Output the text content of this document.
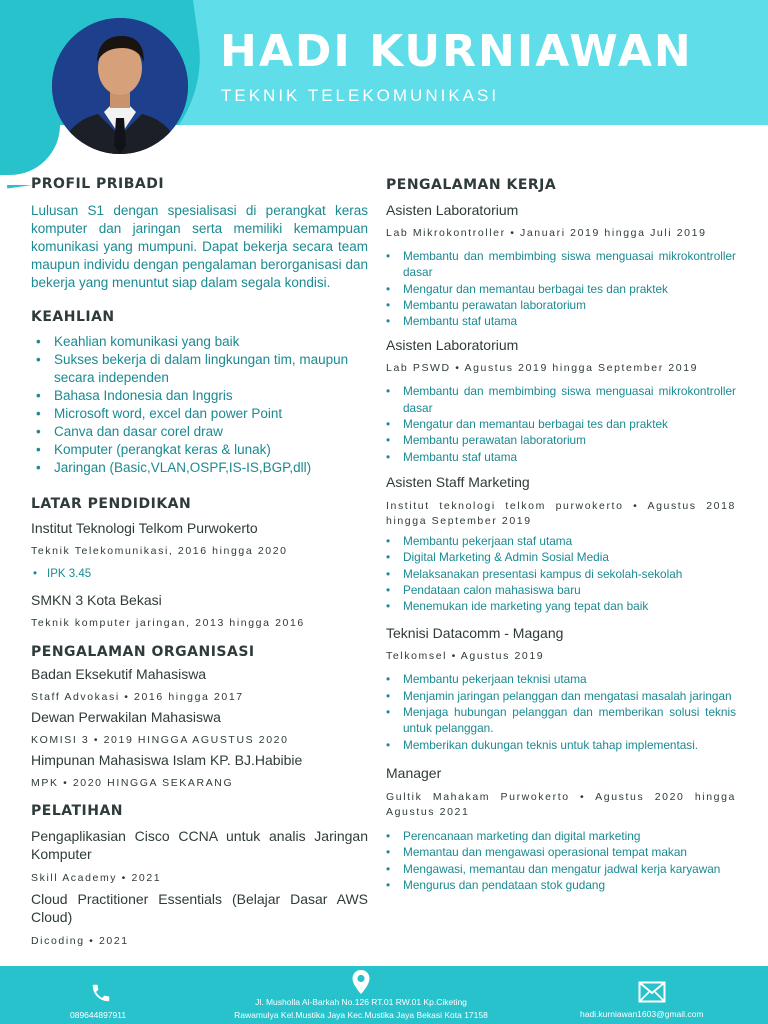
HADI KURNIAWAN
TEKNIK TELEKOMUNIKASI
PROFIL PRIBADI
Lulusan S1 dengan spesialisasi di perangkat keras komputer dan jaringan serta memiliki kemampuan komunikasi yang mumpuni. Dapat bekerja secara team maupun individu dengan pengalaman berorganisasi dan bekerja yang menuntut siap dalam segala kondisi.
KEAHLIAN
• Keahlian komunikasi yang baik
• Sukses bekerja di dalam lingkungan tim, maupun secara independen
• Bahasa Indonesia dan Inggris
• Microsoft word, excel dan power Point
• Canva dan dasar corel draw
• Komputer (perangkat keras & lunak)
• Jaringan (Basic,VLAN,OSPF,IS-IS,BGP,dll)
LATAR PENDIDIKAN
Institut Teknologi Telkom Purwokerto
Teknik Telekomunikasi, 2016 hingga 2020
• IPK 3.45
SMKN 3 Kota Bekasi
Teknik komputer jaringan, 2013 hingga 2016
PENGALAMAN ORGANISASI
Badan Eksekutif Mahasiswa
Staff Advokasi • 2016 hingga 2017
Dewan Perwakilan Mahasiswa
KOMISI 3 • 2019 HINGGA AGUSTUS 2020
Himpunan Mahasiswa Islam KP. BJ.Habibie
MPK • 2020 HINGGA SEKARANG
PELATIHAN
Pengaplikasian Cisco CCNA untuk analis Jaringan Komputer
Skill Academy • 2021
Cloud Practitioner Essentials (Belajar Dasar AWS Cloud)
Dicoding • 2021
PENGALAMAN KERJA
Asisten Laboratorium
Lab Mikrokontroller • Januari 2019 hingga Juli 2019
• Membantu dan membimbing siswa menguasai mikrokontroller dasar
• Mengatur dan memantau berbagai tes dan praktek
• Membantu perawatan laboratorium
• Membantu staf utama
Asisten Laboratorium
Lab PSWD • Agustus 2019 hingga September 2019
• Membantu dan membimbing siswa menguasai mikrokontroller dasar
• Mengatur dan memantau berbagai tes dan praktek
• Membantu perawatan laboratorium
• Membantu staf utama
Asisten Staff Marketing
Institut teknologi telkom purwokerto • Agustus 2018 hingga September 2019
• Membantu pekerjaan staf utama
• Digital Marketing & Admin Sosial Media
• Melaksanakan presentasi kampus di sekolah-sekolah
• Pendataan calon mahasiswa baru
• Menemukan ide marketing yang tepat dan baik
Teknisi Datacomm - Magang
Telkomsel • Agustus 2019
• Membantu pekerjaan teknisi utama
• Menjamin jaringan pelanggan dan mengatasi masalah jaringan
• Menjaga hubungan pelanggan dan memberikan solusi teknis untuk pelanggan.
• Memberikan dukungan teknis untuk tahap implementasi.
Manager
Gultik Mahakam Purwokerto • Agustus 2020 hingga Agustus 2021
• Perencanaan marketing dan digital marketing
• Memantau dan mengawasi operasional tempat makan
• Mengawasi, memantau dan mengatur jadwal kerja karyawan
• Mengurus dan pendataan stok gudang
089644897911
Jl. Musholla Al-Barkah No.126 RT.01 RW.01 Kp.Ciketing
Rawamulya Kel.Mustika Jaya Kec.Mustika Jaya Bekasi Kota 17158	hadi.kurniawan1603@gmail.com
